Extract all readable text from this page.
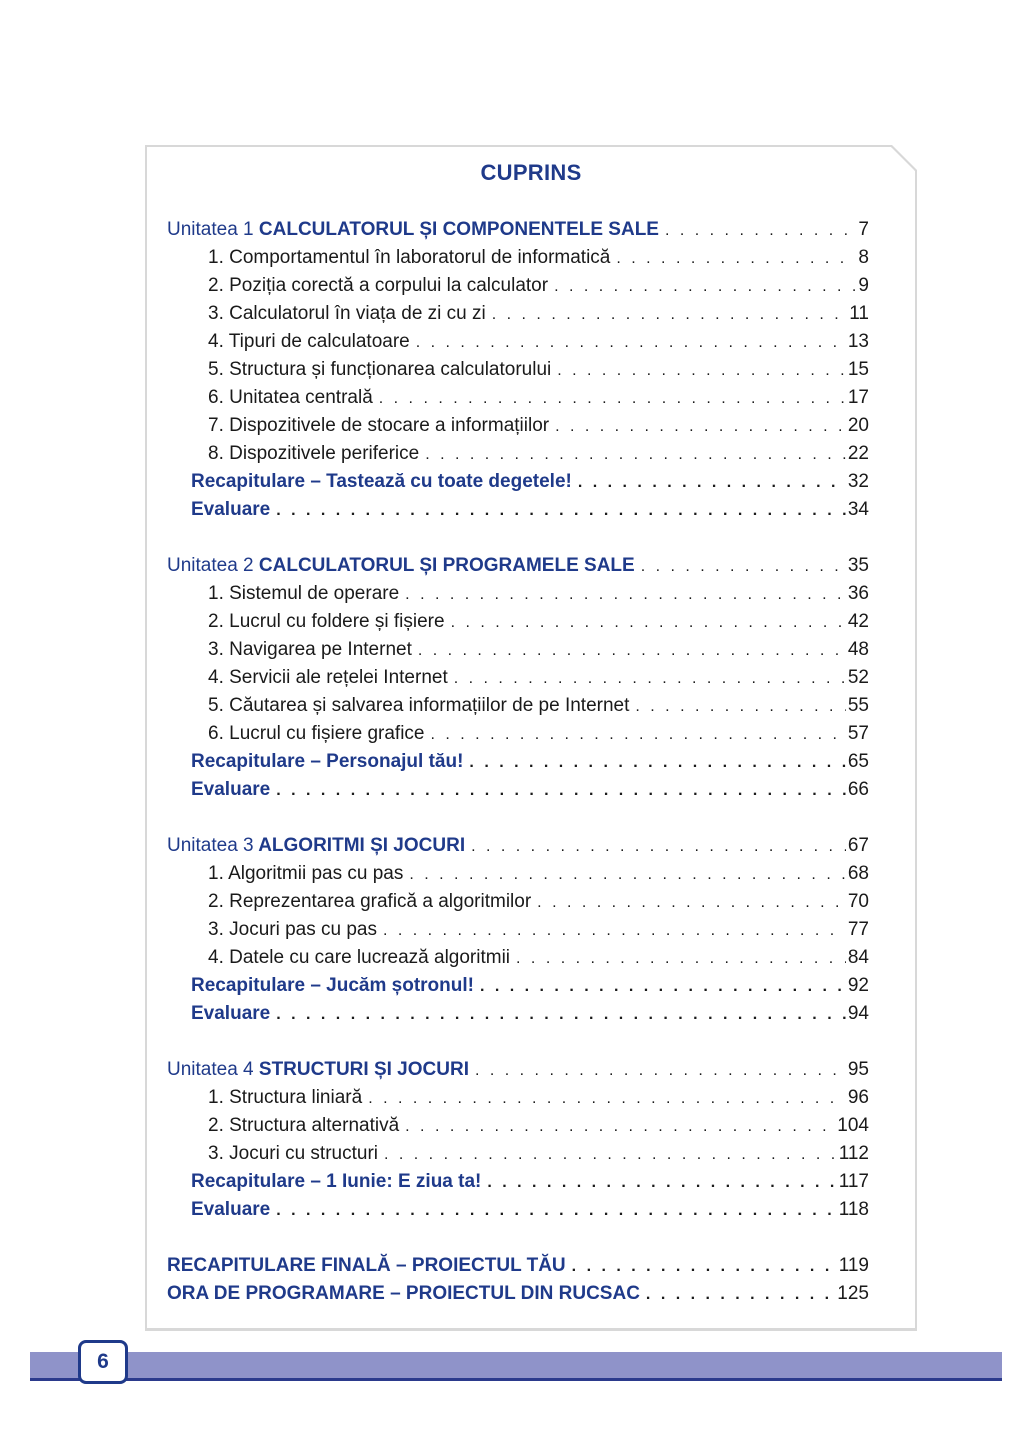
CUPRINS
Unitatea 1 CALCULATORUL ȘI COMPONENTELE SALE . . .	7
1. Comportamentul în laboratorul de informatică . . .	8
2. Poziția corectă a corpului la calculator . . .	9
3. Calculatorul în viața de zi cu zi . . .	11
4. Tipuri de calculatoare . . .	13
5. Structura și funcționarea calculatorului . . .	15
6. Unitatea centrală . . .	17
7. Dispozitivele de stocare a informațiilor . . .	20
8. Dispozitivele periferice . . .	22
Recapitulare – Tastează cu toate degetele! . . .	32
Evaluare . . .	34
Unitatea 2 CALCULATORUL ȘI PROGRAMELE SALE . . .	35
1. Sistemul de operare . . .	36
2. Lucrul cu foldere și fișiere . . .	42
3. Navigarea pe Internet . . .	48
4. Servicii ale rețelei Internet . . .	52
5. Căutarea și salvarea informațiilor de pe Internet . . .	55
6. Lucrul cu fișiere grafice . . .	57
Recapitulare – Personajul tău! . . .	65
Evaluare . . .	66
Unitatea 3 ALGORITMI ȘI JOCURI . . .	67
1. Algoritmii pas cu pas . . .	68
2. Reprezentarea grafică a algoritmilor . . .	70
3. Jocuri pas cu pas . . .	77
4. Datele cu care lucrează algoritmii . . .	84
Recapitulare – Jucăm șotronul! . . .	92
Evaluare . . .	94
Unitatea 4 STRUCTURI ȘI JOCURI . . .	95
1. Structura liniară . . .	96
2. Structura alternativă . . .	104
3. Jocuri cu structuri . . .	112
Recapitulare – 1 Iunie: E ziua ta! . . .	117
Evaluare . . .	118
RECAPITULARE FINALĂ – PROIECTUL TĂU . . .	119
ORA DE PROGRAMARE – PROIECTUL DIN RUCSAC . . .	125
6
